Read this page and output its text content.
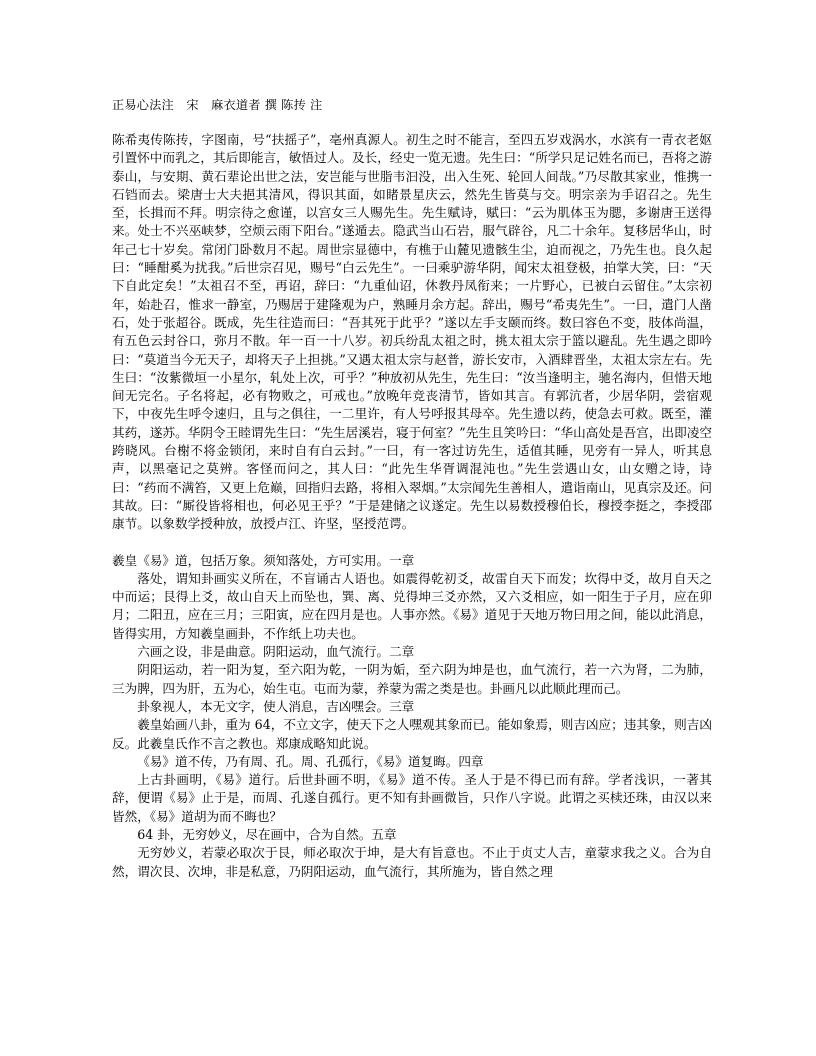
正易心法注　宋　麻衣道者 撰 陈抟 注

陈希夷传陈抟，字图南，号“扶摇子”，亳州真源人。初生之时不能言，至四五岁戏涡水，水滨有一青衣老妪引置怀中而乳之，其后即能言，敏悟过人。及长，经史一览无遗。先生曰：“所学只足记姓名而已，吾将之游泰山，与安期、黄石辈论出世之法，安岂能与世脂韦汩没，出入生死、轮回人间哉。”乃尽散其家业，惟携一石铛而去。梁唐士大夫挹其清风，得识其面，如睹景星庆云，然先生皆莫与交。明宗亲为手诏召之。先生至，长揖而不拜。明宗待之愈谨，以宫女三人赐先生。先生赋诗，赋曰：“云为肌体玉为腮，多谢唐王送得来。处士不兴巫峡梦，空烦云雨下阳台。”遂遁去。隐武当山石岩，服气辟谷，凡二十余年。复移居华山，时年己七十岁矣。常闭门卧数月不起。周世宗显德中，有樵于山麓见遗骸生尘，迫而视之，乃先生也。良久起曰：“睡酣奚为扰我。”后世宗召见，赐号“白云先生”。一曰乘驴游华阴，闻宋太祖登极，拍掌大笑，曰：“天下自此定矣！”太祖召不至，再诏，辞曰：“九重仙诏，休教丹凤衔来；一片野心，已被白云留住。”太宗初年，始赴召，惟求一静室，乃赐居于建隆观为户，熟睡月余方起。辞出，赐号“希夷先生”。一曰，遣门人凿石，处于张超谷。既成，先生往造而曰：“吾其死于此乎？”遂以左手支颐而终。数曰容色不变，肢体尚温，有五色云封谷口，弥月不散。年一百一十八岁。初兵纷乱太祖之时，挑太祖太宗于篮以避乱。先生遇之即吟曰：“莫道当今无天子，却将天子上担挑。”又遇太祖太宗与赵普，游长安市，入酒肆晋坐，太祖太宗左右。先生曰：“汝紫微垣一小星尔，轧处上次，可乎？”种放初从先生，先生曰：“汝当逢明主，驰名海内，但惜天地间无完名。子名将起，必有物败之，可戒也。”放晚年竞丧清节，皆如其言。有郭沆者，少居华阴，尝宿观下，中夜先生呼令速归，且与之俱往，一二里许，有人号呼报其母卒。先生遗以药，使急去可救。既至，灌其药，遂苏。华阴令王睦谓先生曰：“先生居溪岩，寝于何室？”先生且笑吟曰：“华山高处是吾宫，出即凌空跨晓风。台榭不将金锁闭，来时自有白云封。”一曰，有一客过访先生，适值其睡，见旁有一异人，听其息声，以黑毫记之莫辨。客怪而问之，其人曰：“此先生华胥调混沌也。”先生尝遇山女，山女赠之诗，诗曰：“药而不满笞，又更上危巅，回指归去路，将相入翠烟。”太宗闻先生善相人，遣诣南山，见真宗及还。问其故。曰：“厮役皆将相也，何必见王乎？”于是建储之议遂定。先生以易数授穆伯长，穆授李挺之，李授邵康节。以象数学授种放，放授卢江、许坚，坚授范谔。

羲皇《易》道，包括万象。须知落处，方可实用。一章

落处，谓知卦画实义所在，不盲诵古人语也。如震得乾初爻，故雷自天下而发；坎得中爻，故月自天之中而运；艮得上爻，故山自天上而坠也，巽、离、兑得坤三爻亦然，又六爻相应，如一阳生于子月，应在卯月；二阳丑，应在三月；三阳寅，应在四月是也。人事亦然。《易》道见于天地万物曰用之间，能以此消息，皆得实用，方知羲皇画卦，不作纸上功夫也。

六画之设，非是曲意。阴阳运动，血气流行。二章

阴阳运动，若一阳为复，至六阳为乾，一阴为姤，至六阴为坤是也，血气流行，若一六为肾，二为肺，三为脾，四为肝，五为心，始生屯。屯而为蒙，养蒙为需之类是也。卦画凡以此顺此理而己。

卦象视人，本无文字，使人消息，吉凶嘿会。三章

羲皇始画八卦，重为 64，不立文字，使天下之人嘿观其象而已。能如象焉，则吉凶应；违其象，则吉凶反。此羲皇氏作不言之教也。郑康成略知此说。

《易》道不传，乃有周、孔。周、孔孤行，《易》道复晦。四章

上古卦画明，《易》道行。后世卦画不明，《易》道不传。圣人于是不得已而有辞。学者浅识，一著其辞，便谓《易》止于是，而周、孔遂自孤行。更不知有卦画微旨，只作八字说。此谓之买椟还珠，由汉以来皆然，《易》道胡为而不晦也？

64 卦，无穷妙义，尽在画中，合为自然。五章

无穷妙义，若蒙必取次于艮，师必取次于坤，是大有旨意也。不止于贞丈人吉，童蒙求我之义。合为自然，谓次艮、次坤，非是私意，乃阴阳运动，血气流行，其所施为，皆自然之理
